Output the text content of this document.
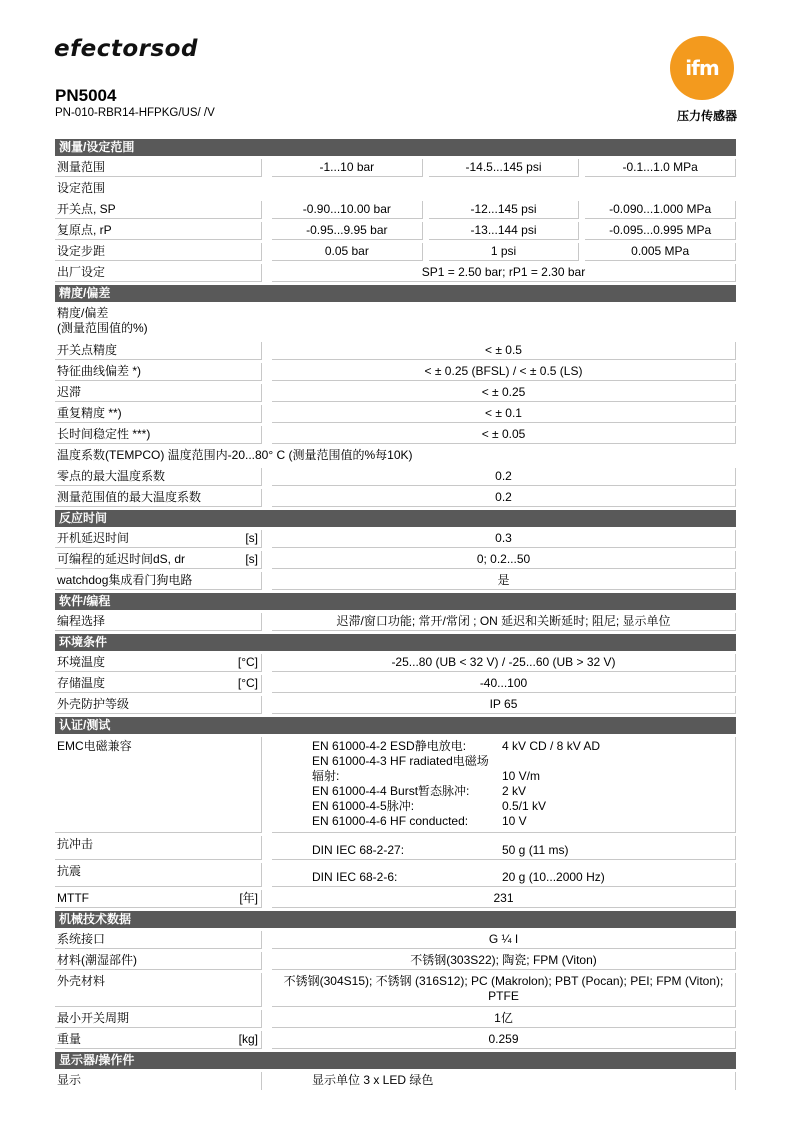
efectorsod
ifm
PN5004
PN-010-RBR14-HFPKG/US/ /V	压力传感器
测量/设定范围
测量范围	-1...10 bar	-14.5...145 psi	-0.1...1.0 MPa
设定范围
开关点, SP	-0.90...10.00 bar	-12...145 psi	-0.090...1.000 MPa
复原点, rP	-0.95...9.95 bar	-13...144 psi	-0.095...0.995 MPa
设定步距	0.05 bar	1 psi	0.005 MPa
出厂设定	SP1 = 2.50 bar; rP1 = 2.30 bar
精度/偏差
精度/偏差
(测量范围值的%)
开关点精度	< ± 0.5
特征曲线偏差 *)	< ± 0.25 (BFSL) / < ± 0.5 (LS)
迟滞	< ± 0.25
重复精度 **)	< ± 0.1
长时间稳定性 ***)	< ± 0.05
温度系数(TEMPCO) 温度范围内-20...80° C (测量范围值的%每10K)
零点的最大温度系数	0.2
测量范围值的最大温度系数	0.2
反应时间
开机延迟时间	[s]	0.3
可编程的延迟时间dS, dr	[s]	0; 0.2...50
watchdog集成看门狗电路	是
软件/编程
编程选择	迟滞/窗口功能; 常开/常闭 ; ON 延迟和关断延时; 阻尼; 显示单位
环境条件
环境温度	[°C]	-25...80 (UB < 32 V) / -25...60 (UB > 32 V)
存储温度	[°C]	-40...100
外壳防护等级	IP 65
认证/测试
EMC电磁兼容	EN 61000-4-2 ESD静电放电:	4 kV CD / 8 kV AD
EN 61000-4-3 HF radiated电磁场
辐射:	10 V/m
EN 61000-4-4 Burst暂态脉冲:	2 kV
EN 61000-4-5脉冲:	0.5/1 kV
EN 61000-4-6 HF conducted:	10 V
抗冲击	DIN IEC 68-2-27:	50 g (11 ms)
抗震	DIN IEC 68-2-6:	20 g (10...2000 Hz)
MTTF	[年]	231
机械技术数据
系统接口	G ¼ I
材料(潮湿部件)	不锈钢(303S22); 陶瓷; FPM (Viton)
外壳材料	不锈钢(304S15); 不锈钢 (316S12); PC (Makrolon); PBT (Pocan); PEI; FPM (Viton);
PTFE
最小开关周期	1亿
重量	[kg]	0.259
显示器/操作件
显示	显示单位 3 x LED 绿色
